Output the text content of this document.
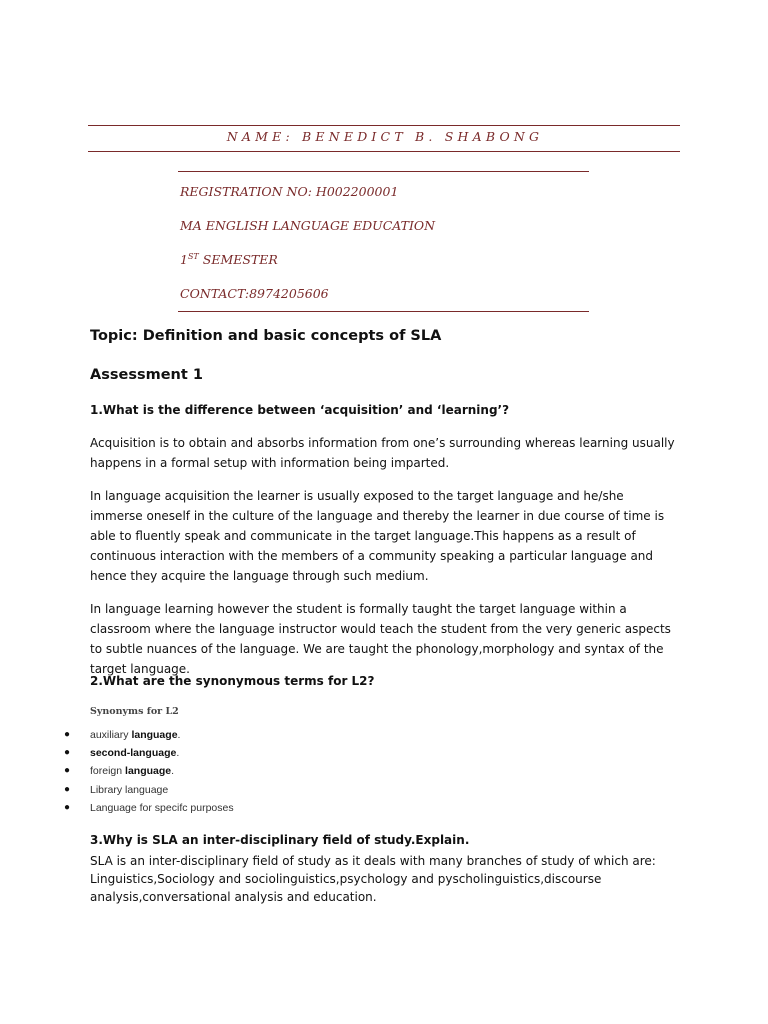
NAME: BENEDICT B. SHABONG
REGISTRATION NO: H002200001
MA ENGLISH LANGUAGE EDUCATION
1ST SEMESTER
CONTACT:8974205606
Topic: Definition and basic concepts of SLA
Assessment 1
1.What is the difference between ‘acquisition’ and ‘learning’?
Acquisition is to obtain and absorbs information from one’s surrounding whereas learning usually happens in a formal setup with information being imparted.
In language acquisition the learner is usually exposed to the target language and he/she immerse oneself in the culture of the language and thereby the learner in due course of time is able to fluently speak and communicate in the target language.This happens as a result of continuous interaction with the members of a community speaking a particular language and hence they acquire the language through such medium.
In language learning however the student is formally taught the target language within a classroom where the language instructor would teach the student from the very generic aspects to subtle nuances of the language. We are taught the phonology,morphology and syntax of the target language.
2.What are the synonymous terms for L2?
Synonyms for L2
● auxiliary language.
● second-language.
● foreign language.
● Library language
● Language for specifc purposes
3.Why is SLA an inter-disciplinary field of study.Explain.
SLA is an inter-disciplinary field of study as it deals with many branches of study of which are: Linguistics,Sociology and sociolinguistics,psychology and pyscholinguistics,discourse analysis,conversational analysis and education.
